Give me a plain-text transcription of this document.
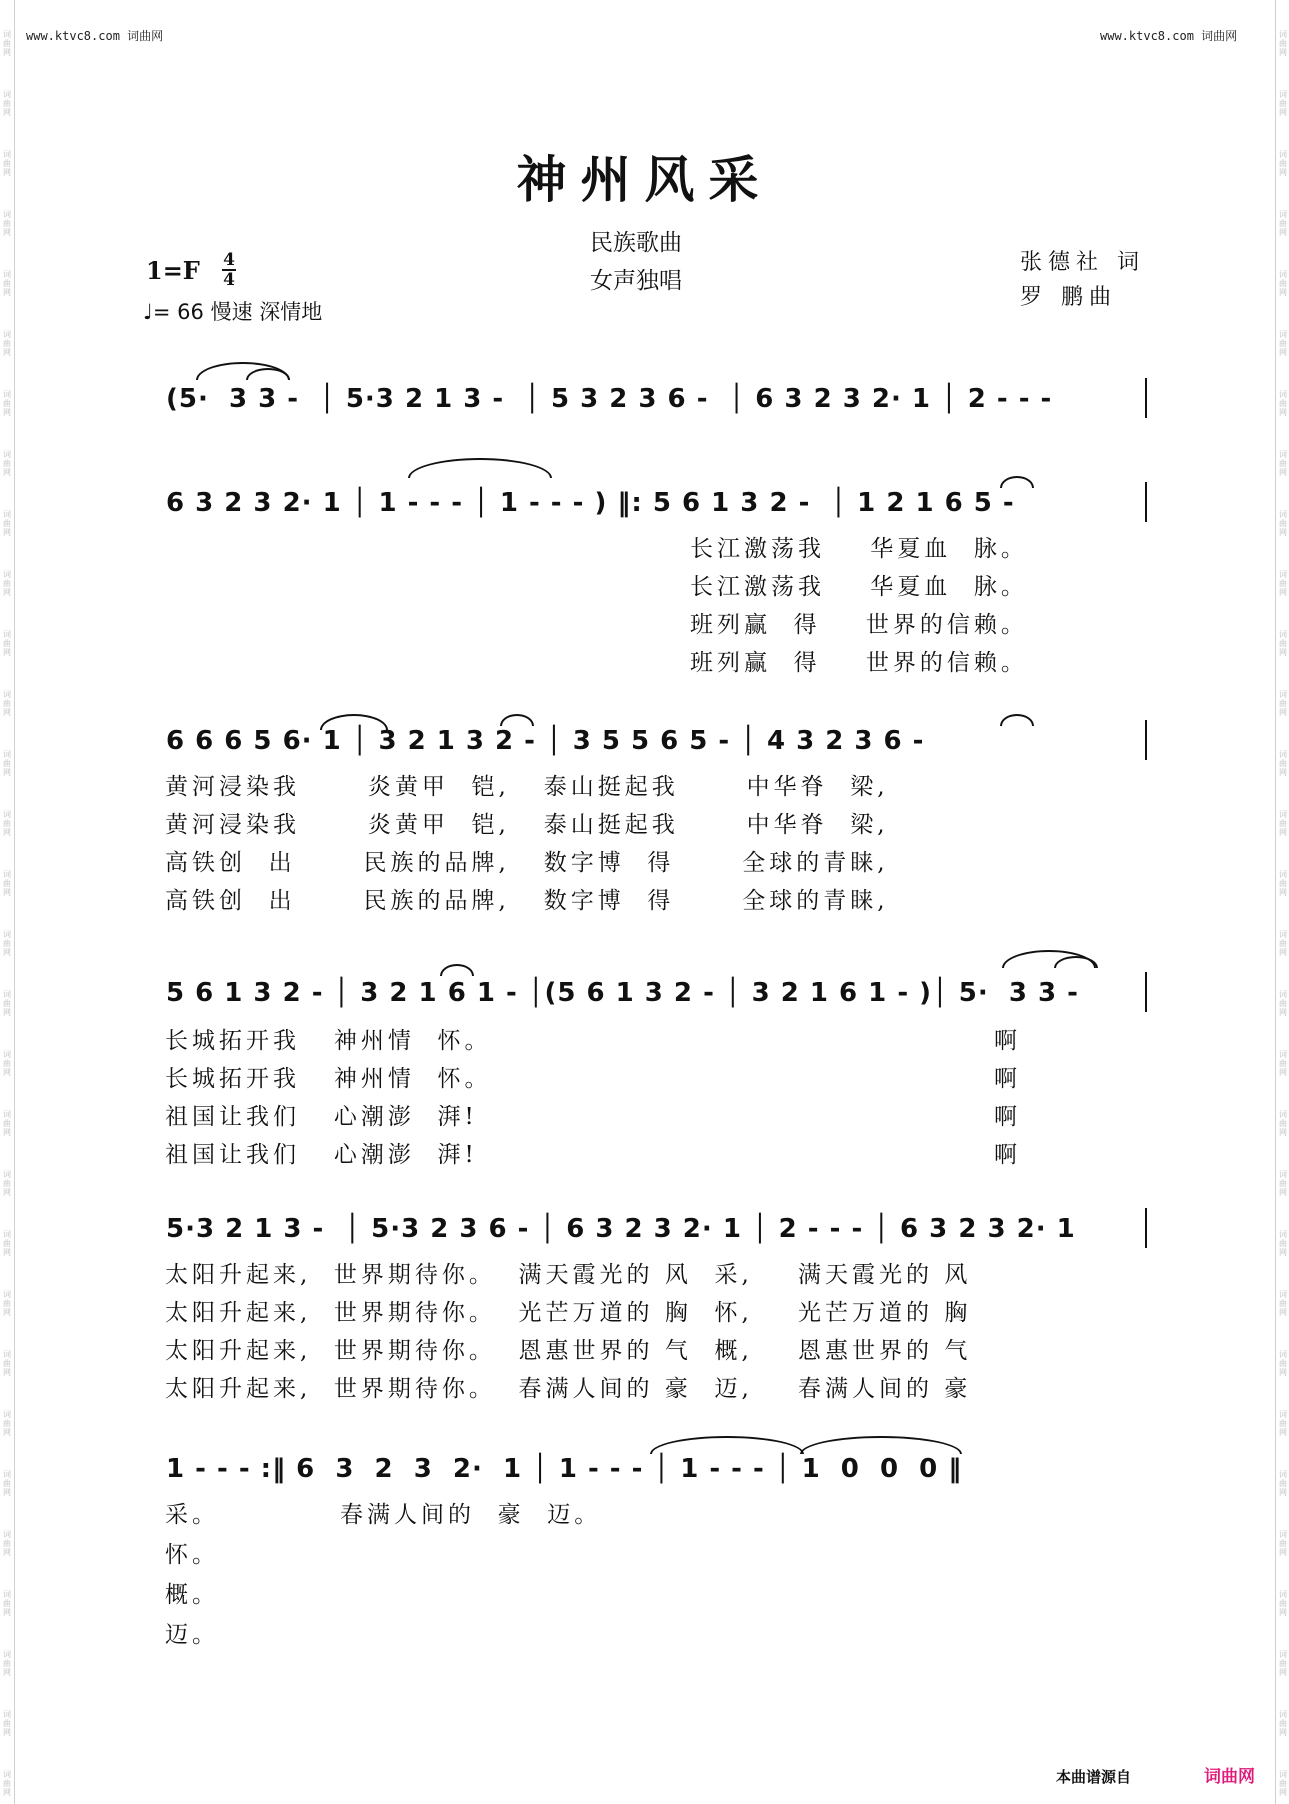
词曲网
词曲网
词曲网
词曲网
词曲网
词曲网
词曲网
词曲网
词曲网
词曲网
词曲网
词曲网
词曲网
词曲网
词曲网
词曲网
词曲网
词曲网
词曲网
词曲网
词曲网
词曲网
词曲网
词曲网
词曲网
词曲网
词曲网
词曲网
词曲网
词曲网
词曲网
词曲网
词曲网
词曲网
词曲网
词曲网
词曲网
词曲网
词曲网
词曲网
词曲网
词曲网
词曲网
词曲网
词曲网
词曲网
词曲网
词曲网
词曲网
词曲网
词曲网
词曲网
词曲网
词曲网
词曲网
词曲网
词曲网
词曲网
词曲网
词曲网
www.ktvc8.com 词曲网	www.ktvc8.com 词曲网
神州风采
民族歌曲
女声独唱
1=F 4
4
♩= 66 慢速 深情地
张德社 词
罗 鹏曲
(5·  3 3 -  │ 5·3 2 1 3 -  │ 5 3 2 3 6 -  │ 6 3 2 3 2· 1 │ 2 - - -
6 3 2 3 2· 1 │ 1 - - - │ 1 - - - ) ‖: 5 6 1 3 2 -  │ 1 2 1 6 5 -
长江激荡我    华夏血  脉。
长江激荡我    华夏血  脉。
班列赢  得    世界的信赖。
班列赢  得    世界的信赖。
6 6 6 5 6· 1 │ 3 2 1 3 2 - │ 3 5 5 6 5 - │ 4 3 2 3 6 -
黄河浸染我      炎黄甲  铠,   泰山挺起我      中华脊  梁,
黄河浸染我      炎黄甲  铠,   泰山挺起我      中华脊  梁,
高铁创  出      民族的品牌,   数字博  得      全球的青睐,
高铁创  出      民族的品牌,   数字博  得      全球的青睐,
5 6 1 3 2 - │ 3 2 1 6 1 - │(5 6 1 3 2 - │ 3 2 1 6 1 - )│ 5·  3 3 -
长城拓开我   神州情  怀。
长城拓开我   神州情  怀。
祖国让我们   心潮澎  湃!
祖国让我们   心潮澎  湃!
啊
啊
啊
啊
5·3 2 1 3 -  │ 5·3 2 3 6 - │ 6 3 2 3 2· 1 │ 2 - - - │ 6 3 2 3 2· 1
太阳升起来,  世界期待你。  满天霞光的 风  采,    满天霞光的 风
太阳升起来,  世界期待你。  光芒万道的 胸  怀,    光芒万道的 胸
太阳升起来,  世界期待你。  恩惠世界的 气  概,    恩惠世界的 气
太阳升起来,  世界期待你。  春满人间的 豪  迈,    春满人间的 豪
1 - - - :‖ 6  3  2  3  2·  1 │ 1 - - - │ 1 - - - │ 1  0  0  0 ‖
采。
怀。
概。
迈。
春满人间的  豪  迈。
本曲谱源自	词曲网
